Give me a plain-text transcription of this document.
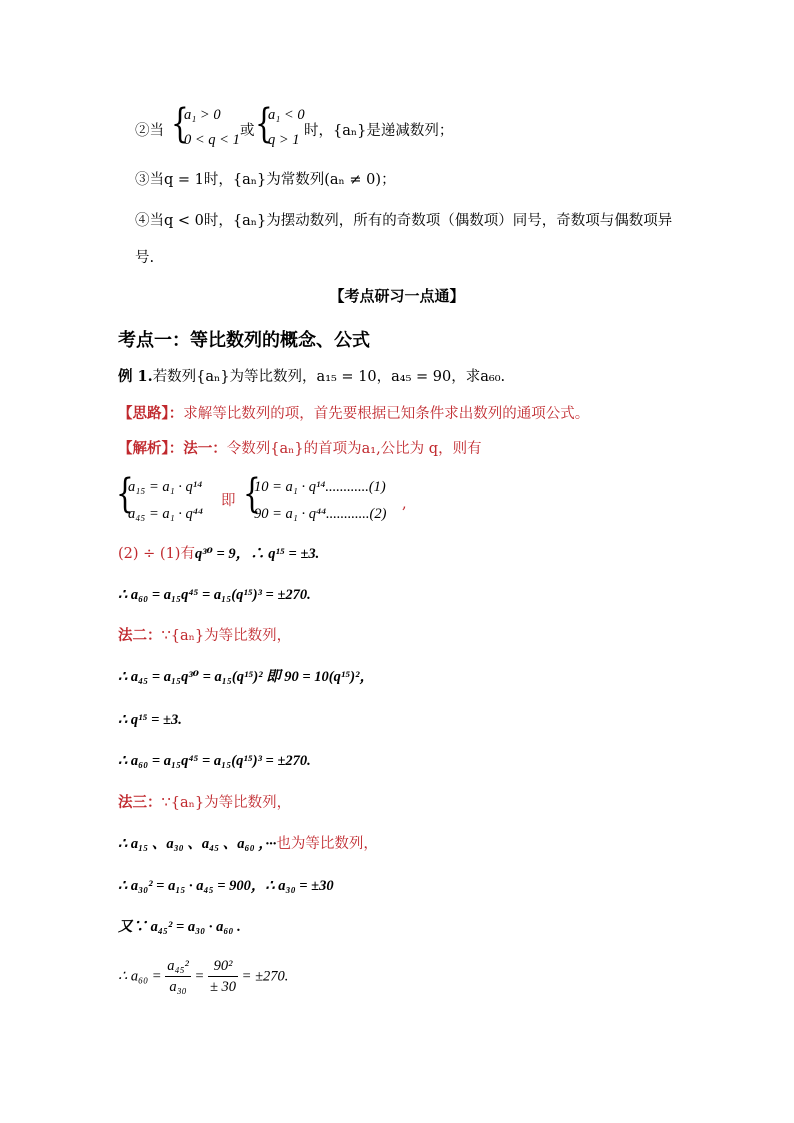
②当 {
a₁ > 0
0 < q < 1
或 {
a₁ < 0
q > 1
时，{aₙ}是递减数列；
③当q = 1时，{aₙ}为常数列(aₙ ≠ 0)；
④当q < 0时，{aₙ}为摆动数列，所有的奇数项（偶数项）同号，奇数项与偶数项异
号.
【考点研习一点通】
考点一：等比数列的概念、公式
例 1.若数列{aₙ}为等比数列，a₁₅ = 10，a₄₅ = 90，求a₆₀.
【思路】：求解等比数列的项，首先要根据已知条件求出数列的通项公式。
【解析】：法一：令数列{aₙ}的首项为a₁,公比为 q，则有
{
a₁₅ = a₁ · q¹⁴
a₄₅ = a₁ · q⁴⁴
即 {
10 = a₁ · q¹⁴............(1)
90 = a₁ · q⁴⁴............(2)
,
(2) ÷ (1)有q³⁰ = 9，∴ q¹⁵ = ±3.
∴ a₆₀ = a₁₅q⁴⁵ = a₁₅(q¹⁵)³ = ±270.
法二：∵{aₙ}为等比数列，
∴ a₄₅ = a₁₅q³⁰ = a₁₅(q¹⁵)² 即 90 = 10(q¹⁵)²，
∴ q¹⁵ = ±3.
∴ a₆₀ = a₁₅q⁴⁵ = a₁₅(q¹⁵)³ = ±270.
法三：∵{aₙ}为等比数列，
∴ a₁₅ 、a₃₀ 、a₄₅ 、a₆₀ ，···也为等比数列，
∴ a₃₀² = a₁₅ · a₄₅ = 900，∴ a₃₀ = ±30
又∵ a₄₅² = a₃₀ · a₆₀ .
∴ $a_{60} = \frac{\text{a₄₅²}}{\text{a₃₀}} = \frac{\text{90²}}{\pm 30} = \pm 270$.
